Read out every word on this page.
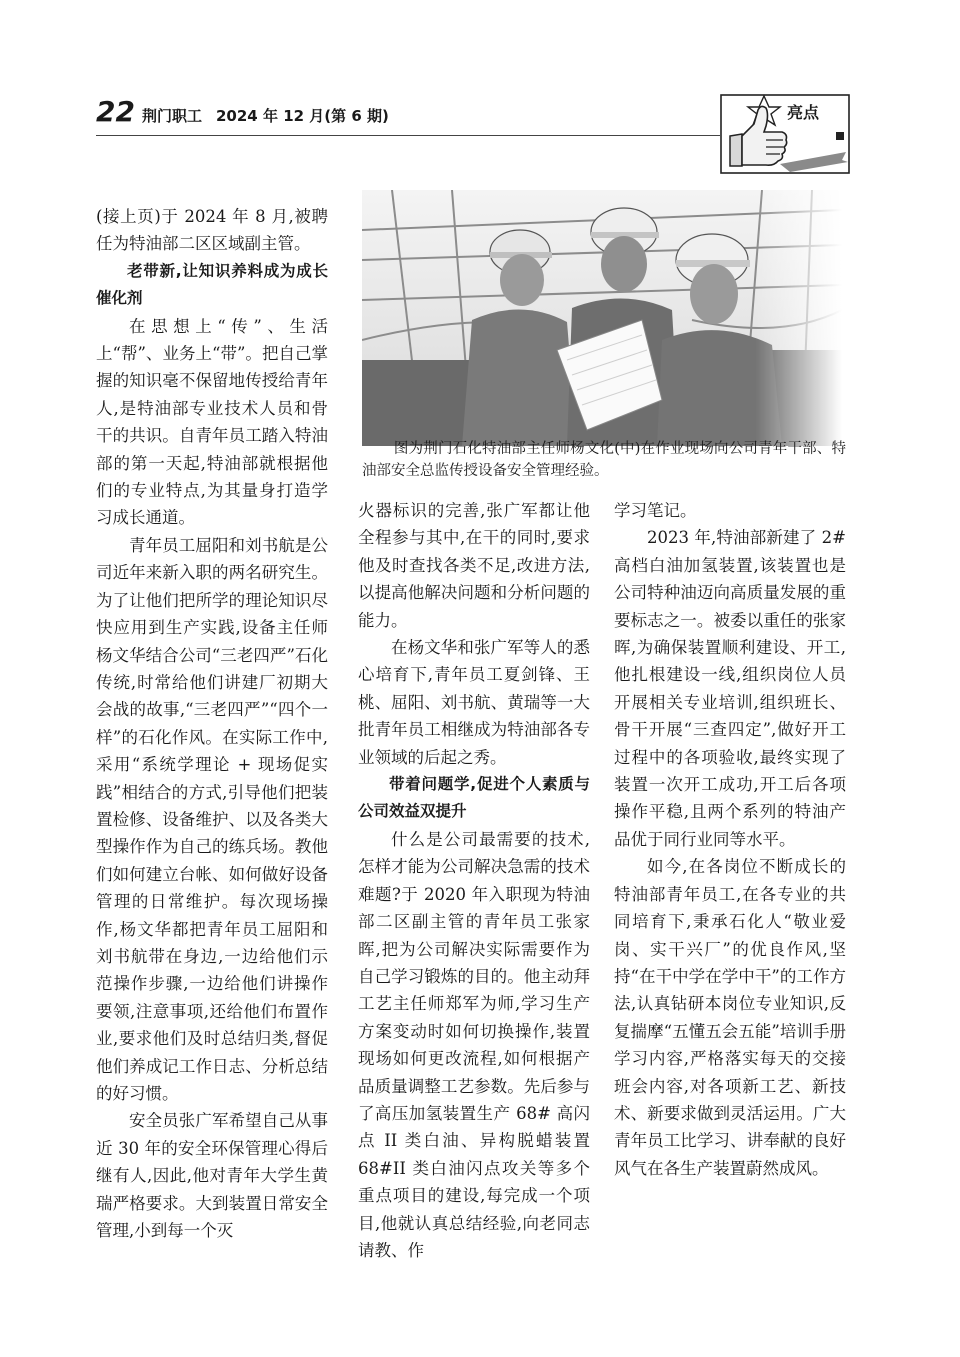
22 荆门职工 2024 年 12 月(第 6 期)	亮点

图为荆门石化特油部主任师杨文化(中)在作业现场向公司青年干部、特油部安全总监传授设备安全管理经验。

(接上页)于 2024 年 8 月,被聘任为特油部二区区域副主管。

老带新,让知识养料成为成长催化剂

在思想上“传”、生活上“帮”、业务上“带”。把自己掌握的知识毫不保留地传授给青年人,是特油部专业技术人员和骨干的共识。自青年员工踏入特油部的第一天起,特油部就根据他们的专业特点,为其量身打造学习成长通道。

青年员工屈阳和刘书航是公司近年来新入职的两名研究生。为了让他们把所学的理论知识尽快应用到生产实践,设备主任师杨文华结合公司“三老四严”石化传统,时常给他们讲建厂初期大会战的故事,“三老四严”“四个一样”的石化作风。在实际工作中,采用“系统学理论 + 现场促实践”相结合的方式,引导他们把装置检修、设备维护、以及各类大型操作作为自己的练兵场。教他们如何建立台帐、如何做好设备管理的日常维护。每次现场操作,杨文华都把青年员工屈阳和刘书航带在身边,一边给他们示范操作步骤,一边给他们讲操作要领,注意事项,还给他们布置作业,要求他们及时总结归类,督促他们养成记工作日志、分析总结的好习惯。

安全员张广军希望自己从事近 30 年的安全环保管理心得后继有人,因此,他对青年大学生黄瑞严格要求。大到装置日常安全管理,小到每一个灭

火器标识的完善,张广军都让他全程参与其中,在干的同时,要求他及时查找各类不足,改进方法,以提高他解决问题和分析问题的能力。

在杨文华和张广军等人的悉心培育下,青年员工夏剑锋、王桃、屈阳、刘书航、黄瑞等一大批青年员工相继成为特油部各专业领域的后起之秀。

带着问题学,促进个人素质与公司效益双提升

什么是公司最需要的技术,怎样才能为公司解决急需的技术难题?于 2020 年入职现为特油部二区副主管的青年员工张家晖,把为公司解决实际需要作为自己学习锻炼的目的。他主动拜工艺主任师郑军为师,学习生产方案变动时如何切换操作,装置现场如何更改流程,如何根据产品质量调整工艺参数。先后参与了高压加氢装置生产 68# 高闪点 II 类白油、异构脱蜡装置 68#II 类白油闪点攻关等多个重点项目的建设,每完成一个项目,他就认真总结经验,向老同志请教、作

学习笔记。

2023 年,特油部新建了 2# 高档白油加氢装置,该装置也是公司特种油迈向高质量发展的重要标志之一。被委以重任的张家晖,为确保装置顺利建设、开工,他扎根建设一线,组织岗位人员开展相关专业培训,组织班长、骨干开展“三查四定”,做好开工过程中的各项验收,最终实现了装置一次开工成功,开工后各项操作平稳,且两个系列的特油产品优于同行业同等水平。

如今,在各岗位不断成长的特油部青年员工,在各专业的共同培育下,秉承石化人“敬业爱岗、实干兴厂”的优良作风,坚持“在干中学在学中干”的工作方法,认真钻研本岗位专业知识,反复揣摩“五懂五会五能”培训手册学习内容,严格落实每天的交接班会内容,对各项新工艺、新技术、新要求做到灵活运用。广大青年员工比学习、讲奉献的良好风气在各生产装置蔚然成风。
